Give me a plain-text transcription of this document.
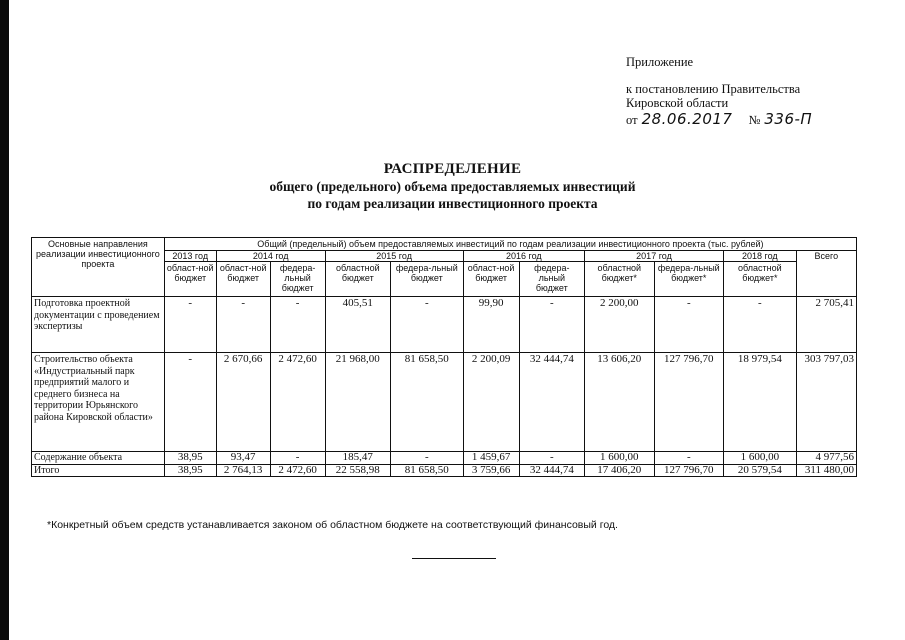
Приложение
к постановлению Правительства
Кировской области
от 28.06.2017 № 336-П
РАСПРЕДЕЛЕНИЕ
общего (предельного) объема предоставляемых инвестиций
по годам реализации инвестиционного проекта
Основные направления реализации инвестиционного проекта	Общий (предельный) объем предоставляемых инвестиций по годам реализации инвестиционного проекта (тыс. рублей)										
	2013 год	2014 год		2015 год		2016 год		2017 год		2018 год	Всего
	област-ной бюджет	област-ной бюджет	федера-льный бюджет	областной бюджет	федера-льный бюджет	област-ной бюджет	федера-льный бюджет	областной бюджет*	федера-льный бюджет*	областной бюджет*	
Подготовка проектной документации с проведением экспертизы	-	-	-	405,51	-	99,90	-	2 200,00	-	-	2 705,41
Строительство объекта «Индустриальный парк предприятий малого и среднего бизнеса на территории Юрьянского района Кировской области»	-	2 670,66	2 472,60	21 968,00	81 658,50	2 200,09	32 444,74	13 606,20	127 796,70	18 979,54	303 797,03
Содержание объекта	38,95	93,47	-	185,47	-	1 459,67	-	1 600,00	-	1 600,00	4 977,56
Итого	38,95	2 764,13	2 472,60	22 558,98	81 658,50	3 759,66	32 444,74	17 406,20	127 796,70	20 579,54	311 480,00
*Конкретный объем средств устанавливается законом об областном бюджете на соответствующий финансовый год.
